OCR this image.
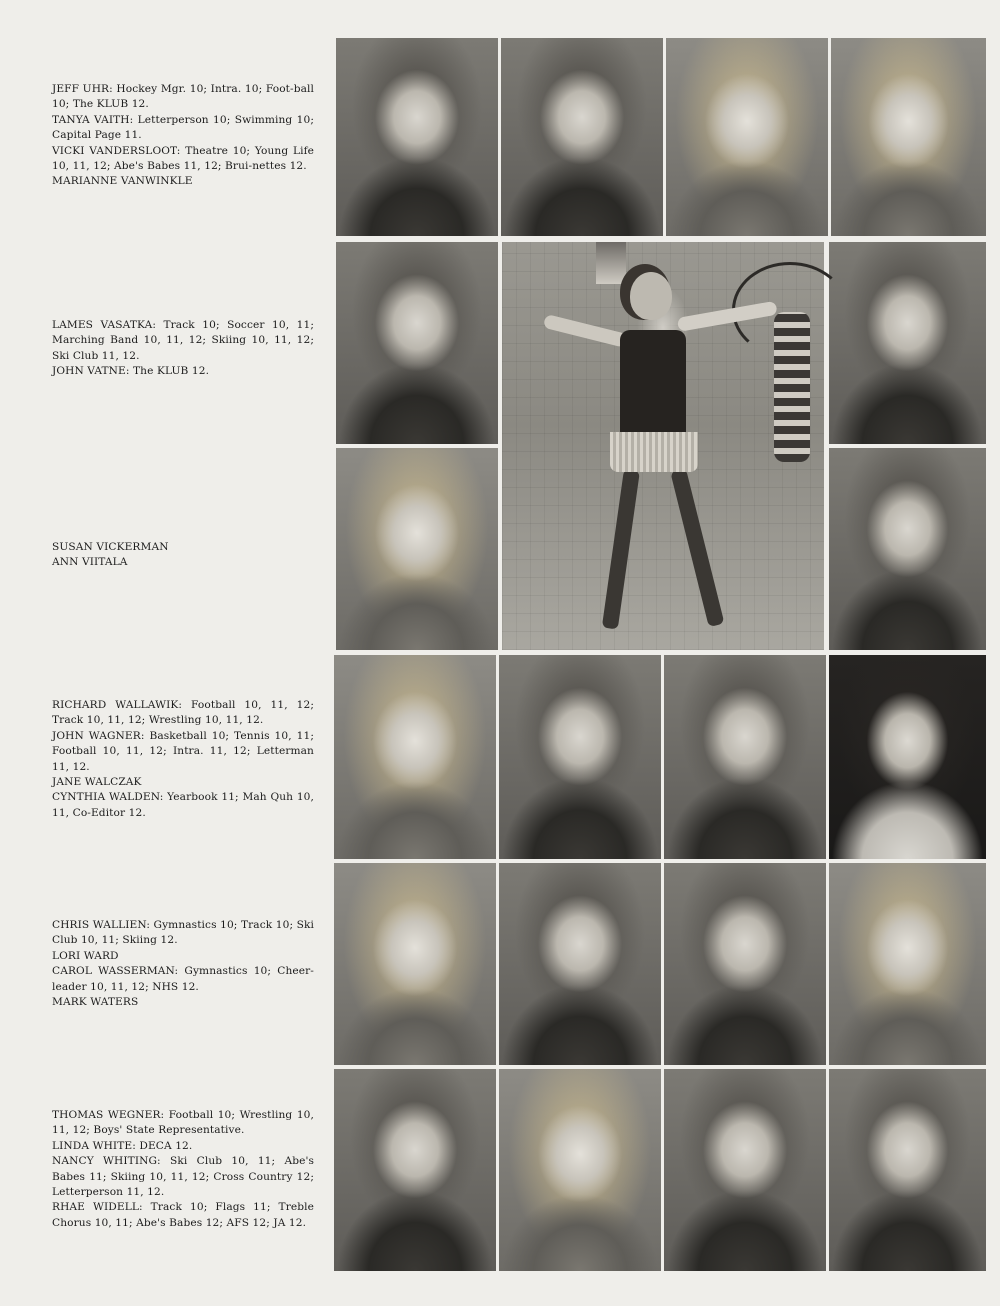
JEFF UHR: Hockey Mgr. 10; Intra. 10; Foot-ball 10; The KLUB 12.

TANYA VAITH: Letterperson 10; Swimming 10; Capital Page 11.

VICKI VANDERSLOOT: Theatre 10; Young Life 10, 11, 12; Abe's Babes 11, 12; Brui-nettes 12.

MARIANNE VANWINKLE

LAMES VASATKA: Track 10; Soccer 10, 11; Marching Band 10, 11, 12; Skiing 10, 11, 12; Ski Club 11, 12.

JOHN VATNE: The KLUB 12.

SUSAN VICKERMAN

ANN VIITALA

RICHARD WALLAWIK: Football 10, 11, 12; Track 10, 11, 12; Wrestling 10, 11, 12.

JOHN WAGNER: Basketball 10; Tennis 10, 11; Football 10, 11, 12; Intra. 11, 12; Letterman 11, 12.

JANE WALCZAK

CYNTHIA WALDEN: Yearbook 11; Mah Quh 10, 11, Co-Editor 12.

CHRIS WALLIEN: Gymnastics 10; Track 10; Ski Club 10, 11; Skiing 12.

LORI WARD

CAROL WASSERMAN: Gymnastics 10; Cheer-leader 10, 11, 12; NHS 12.

MARK WATERS

THOMAS WEGNER: Football 10; Wrestling 10, 11, 12; Boys' State Representative.

LINDA WHITE: DECA 12.

NANCY WHITING: Ski Club 10, 11; Abe's Babes 11; Skiing 10, 11, 12; Cross Country 12; Letterperson 11, 12.

RHAE WIDELL: Track 10; Flags 11; Treble Chorus 10, 11; Abe's Babes 12; AFS 12; JA 12.
